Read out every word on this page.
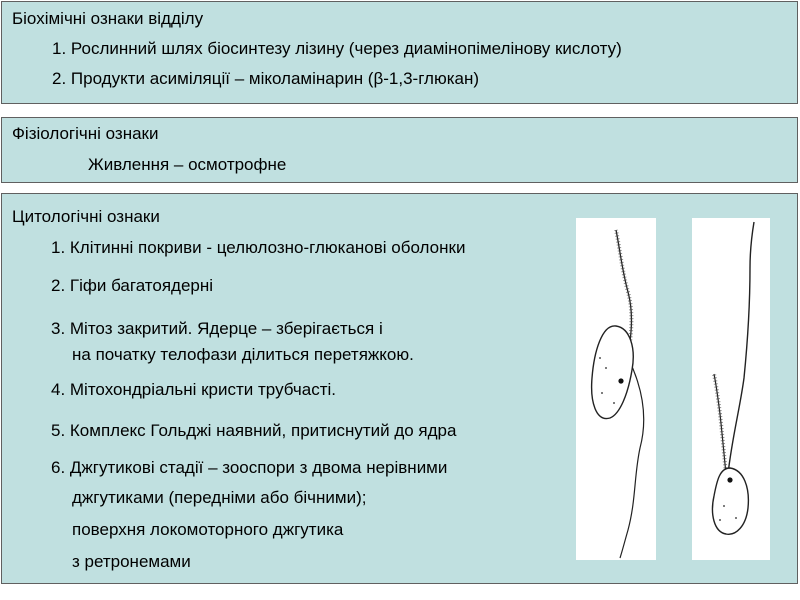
Біохімічні ознаки відділу
1. Рослинний шлях біосинтезу лізину (через диамінопімелінову кислоту)
2. Продукти асиміляції – міколамінарин (β-1,3-глюкан)
Фізіологічні ознаки
Живлення – осмотрофне
Цитологічні ознаки
1. Клітинні покриви - целюлозно-глюканові оболонки
2. Гіфи багатоядерні
3. Мітоз закритий. Ядерце – зберігається і
на початку телофази ділиться перетяжкою.
4. Мітохондріальні кристи трубчасті.
5. Комплекс Гольджі наявний, притиснутий до ядра
6. Джгутикові стадії – зооспори з двома нерівними
джгутиками (передніми або бічними);
поверхня локомоторного джгутика
з ретронемами
